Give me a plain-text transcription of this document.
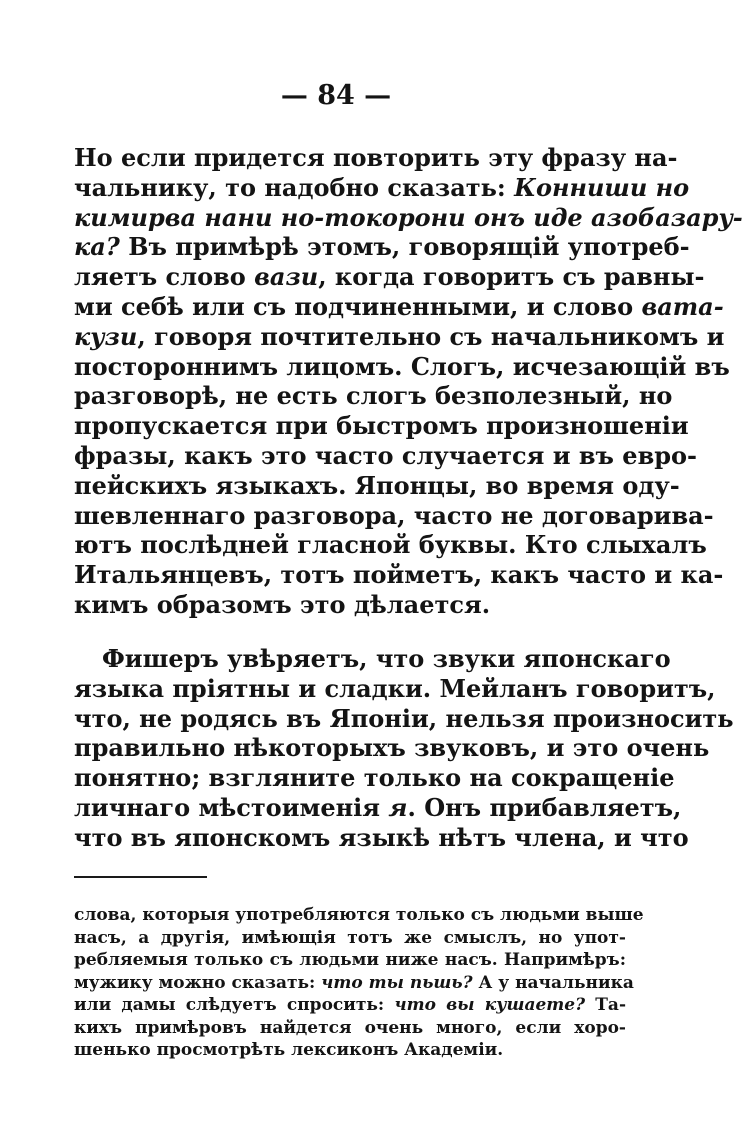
— 84 —
Но если придется повторить эту фразу на-
чальнику, то надобно сказать: Конниши но
кимирва нани но-токорони онъ иде азобазару-
ка? Въ примѣрѣ этомъ, говорящій употреб-
ляетъ слово вази, когда говоритъ съ равны-
ми себѣ или съ подчиненными, и слово вата-
кузи, говоря почтительно съ начальникомъ и
постороннимъ лицомъ. Слогъ, исчезающій въ
разговорѣ, не есть слогъ безполезный, но
пропускается при быстромъ произношеніи
фразы, какъ это часто случается и въ евро-
пейскихъ языкахъ. Японцы, во время оду-
шевленнаго разговора, часто не договарива-
ютъ послѣдней гласной буквы. Кто слыхалъ
Итальянцевъ, тотъ пойметъ, какъ часто и ка-
кимъ образомъ это дѣлается.
Фишеръ увѣряетъ, что звуки японскаго
языка пріятны и сладки. Мейланъ говоритъ,
что, не родясь въ Японіи, нельзя произносить
правильно нѣкоторыхъ звуковъ, и это очень
понятно; взгляните только на сокращеніе
личнаго мѣстоименія я. Онъ прибавляетъ,
что въ японскомъ языкѣ нѣтъ члена, и что
слова, которыя употребляются только съ людьми выше
насъ, а другія, имѣющія тотъ же смыслъ, но упот-
ребляемыя только съ людьми ниже насъ. Напримѣръ:
мужику можно сказать: что ты пьшь? А у начальника
или дамы слѣдуетъ спросить: что вы кушаете? Та-
кихъ примѣровъ найдется очень много, если хоро-
шенько просмотрѣть лексиконъ Академіи.
